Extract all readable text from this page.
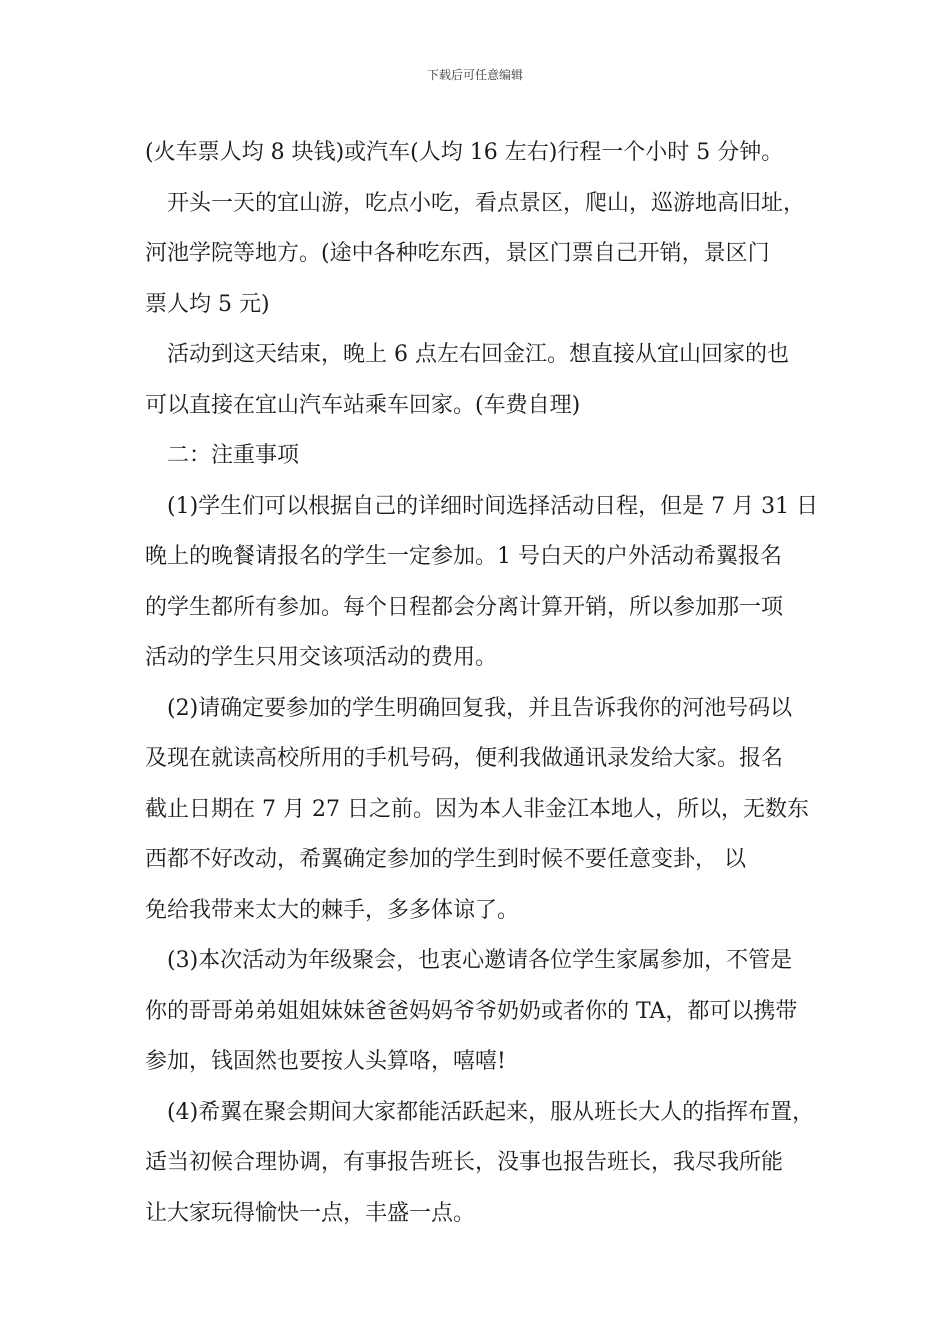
下载后可任意编辑
(火车票人均 8 块钱)或汽车(人均 16 左右)行程一个小时 5 分钟。
开头一天的宜山游，吃点小吃，看点景区，爬山，巡游地高旧址，
河池学院等地方。(途中各种吃东西，景区门票自己开销，景区门
票人均 5 元)
活动到这天结束，晚上 6 点左右回金江。想直接从宜山回家的也
可以直接在宜山汽车站乘车回家。(车费自理)
二：注重事项
(1)学生们可以根据自己的详细时间选择活动日程，但是 7 月 31 日
晚上的晚餐请报名的学生一定参加。1 号白天的户外活动希翼报名
的学生都所有参加。每个日程都会分离计算开销，所以参加那一项
活动的学生只用交该项活动的费用。
(2)请确定要参加的学生明确回复我，并且告诉我你的河池号码以
及现在就读高校所用的手机号码，便利我做通讯录发给大家。报名
截止日期在 7 月 27 日之前。因为本人非金江本地人，所以，无数东
西都不好改动，希翼确定参加的学生到时候不要任意变卦， 以
免给我带来太大的棘手，多多体谅了。
(3)本次活动为年级聚会，也衷心邀请各位学生家属参加，不管是
你的哥哥弟弟姐姐妹妹爸爸妈妈爷爷奶奶或者你的 TA，都可以携带
参加，钱固然也要按人头算咯，嘻嘻!
(4)希翼在聚会期间大家都能活跃起来，服从班长大人的指挥布置，
适当初候合理协调，有事报告班长，没事也报告班长，我尽我所能
让大家玩得愉快一点，丰盛一点。
